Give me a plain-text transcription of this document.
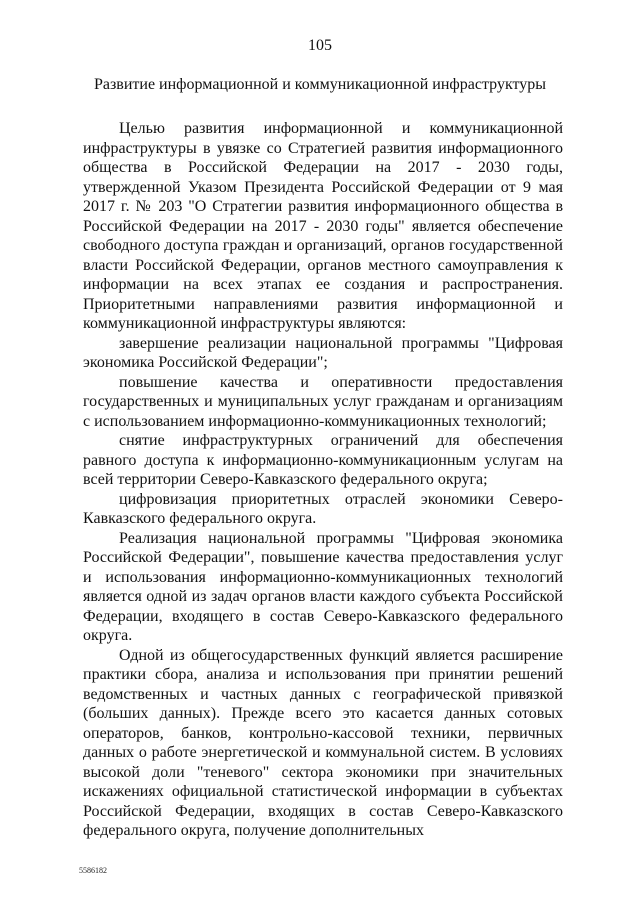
105
Развитие информационной и коммуникационной инфраструктуры

Целью развития информационной и коммуникационной инфраструктуры в увязке со Стратегией развития информационного общества в Российской Федерации на 2017 - 2030 годы, утвержденной Указом Президента Российской Федерации от 9 мая 2017 г. № 203 "О Стратегии развития информационного общества в Российской Федерации на 2017 - 2030 годы" является обеспечение свободного доступа граждан и организаций, органов государственной власти Российской Федерации, органов местного самоуправления к информации на всех этапах ее создания и распространения. Приоритетными направлениями развития информационной и коммуникационной инфраструктуры являются:

завершение реализации национальной программы "Цифровая экономика Российской Федерации";

повышение качества и оперативности предоставления государственных и муниципальных услуг гражданам и организациям с использованием информационно-коммуникационных технологий;

снятие инфраструктурных ограничений для обеспечения равного доступа к информационно-коммуникационным услугам на всей территории Северо-Кавказского федерального округа;

цифровизация приоритетных отраслей экономики Северо-Кавказского федерального округа.

Реализация национальной программы "Цифровая экономика Российской Федерации", повышение качества предоставления услуг и использования информационно-коммуникационных технологий является одной из задач органов власти каждого субъекта Российской Федерации, входящего в состав Северо-Кавказского федерального округа.

Одной из общегосударственных функций является расширение практики сбора, анализа и использования при принятии решений ведомственных и частных данных с географической привязкой (больших данных). Прежде всего это касается данных сотовых операторов, банков, контрольно-кассовой техники, первичных данных о работе энергетической и коммунальной систем. В условиях высокой доли "теневого" сектора экономики при значительных искажениях официальной статистической информации в субъектах Российской Федерации, входящих в состав Северо-Кавказского федерального округа, получение дополнительных

5586182
